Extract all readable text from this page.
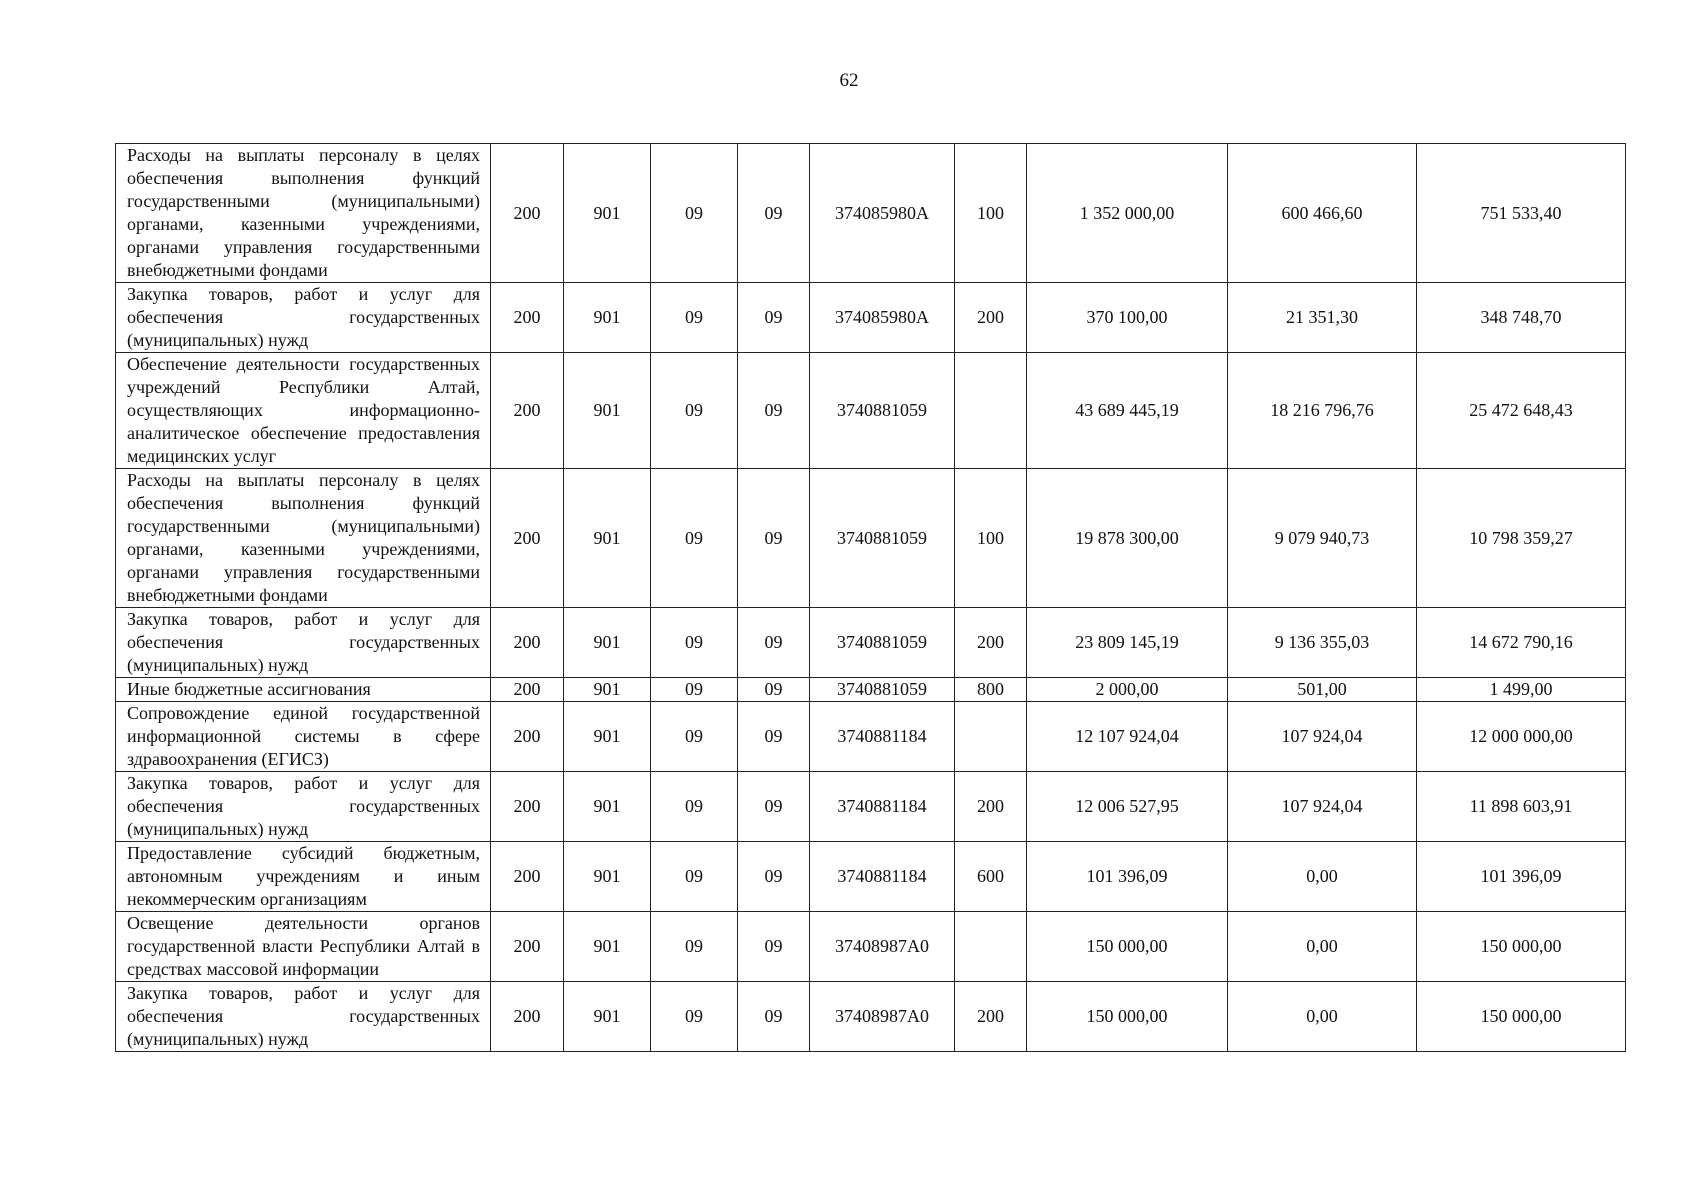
62
Расходы на выплаты персоналу в целях обеспечения выполнения функций государственными (муниципальными) органами, казенными учреждениями, органами управления государственными внебюджетными фондами	200	901	09	09	374085980А	100	1 352 000,00	600 466,60	751 533,40
Закупка товаров, работ и услуг для обеспечения государственных (муниципальных) нужд	200	901	09	09	374085980А	200	370 100,00	21 351,30	348 748,70
Обеспечение деятельности государственных учреждений Республики Алтай, осуществляющих информационно-аналитическое обеспечение предоставления медицинских услуг	200	901	09	09	3740881059		43 689 445,19	18 216 796,76	25 472 648,43
Расходы на выплаты персоналу в целях обеспечения выполнения функций государственными (муниципальными) органами, казенными учреждениями, органами управления государственными внебюджетными фондами	200	901	09	09	3740881059	100	19 878 300,00	9 079 940,73	10 798 359,27
Закупка товаров, работ и услуг для обеспечения государственных (муниципальных) нужд	200	901	09	09	3740881059	200	23 809 145,19	9 136 355,03	14 672 790,16
Иные бюджетные ассигнования	200	901	09	09	3740881059	800	2 000,00	501,00	1 499,00
Сопровождение единой государственной информационной системы в сфере здравоохранения (ЕГИСЗ)	200	901	09	09	3740881184		12 107 924,04	107 924,04	12 000 000,00
Закупка товаров, работ и услуг для обеспечения государственных (муниципальных) нужд	200	901	09	09	3740881184	200	12 006 527,95	107 924,04	11 898 603,91
Предоставление субсидий бюджетным, автономным учреждениям и иным некоммерческим организациям	200	901	09	09	3740881184	600	101 396,09	0,00	101 396,09
Освещение деятельности органов государственной власти Республики Алтай в средствах массовой информации	200	901	09	09	37408987А0		150 000,00	0,00	150 000,00
Закупка товаров, работ и услуг для обеспечения государственных (муниципальных) нужд	200	901	09	09	37408987А0	200	150 000,00	0,00	150 000,00
